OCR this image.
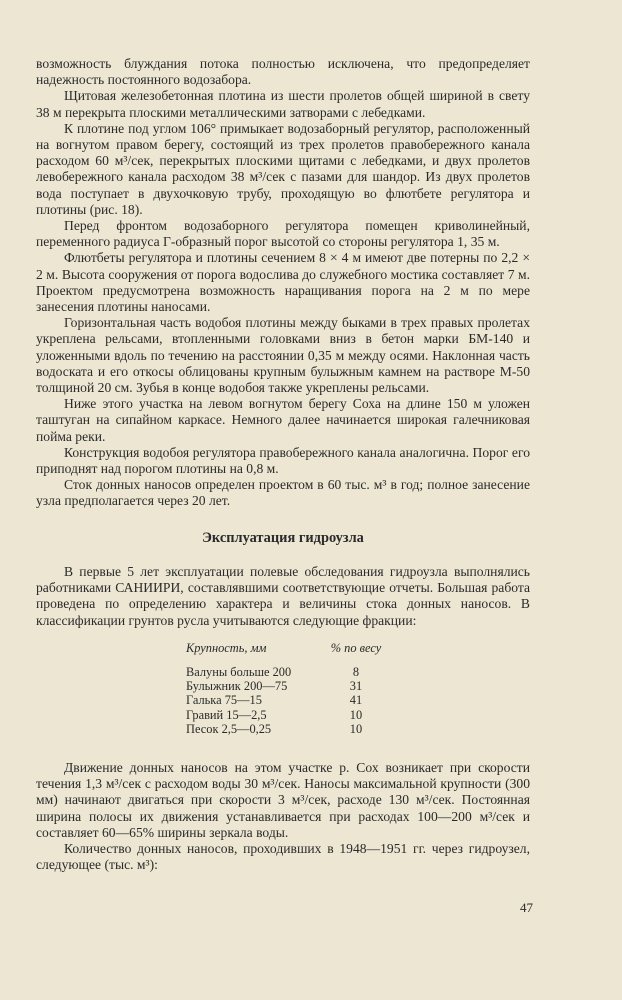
возможность блуждания потока полностью исключена, что предопределяет надежность постоянного водозабора.

Щитовая железобетонная плотина из шести пролетов общей шириной в свету 38 м перекрыта плоскими металлическими затворами с лебедками.

К плотине под углом 106° примыкает водозаборный регулятор, расположенный на вогнутом правом берегу, состоящий из трех пролетов правобережного канала расходом 60 м³/сек, перекрытых плоскими щитами с лебедками, и двух пролетов левобережного канала расходом 38 м³/сек с пазами для шандор. Из двух пролетов вода поступает в двухочковую трубу, проходящую во флютбете регулятора и плотины (рис. 18).

Перед фронтом водозаборного регулятора помещен криволинейный, переменного радиуса Г-образный порог высотой со стороны регулятора 1, 35 м.

Флютбеты регулятора и плотины сечением 8 × 4 м имеют две потерны по 2,2 × 2 м. Высота сооружения от порога водослива до служебного мостика составляет 7 м. Проектом предусмотрена возможность наращивания порога на 2 м по мере занесения плотины наносами.

Горизонтальная часть водобоя плотины между быками в трех правых пролетах укреплена рельсами, втопленными головками вниз в бетон марки БМ-140 и уложенными вдоль по течению на расстоянии 0,35 м между осями. Наклонная часть водоската и его откосы облицованы крупным булыжным камнем на растворе М-50 толщиной 20 см. Зубья в конце водобоя также укреплены рельсами.

Ниже этого участка на левом вогнутом берегу Соха на длине 150 м уложен таштуган на сипайном каркасе. Немного далее начинается широкая галечниковая пойма реки.

Конструкция водобоя регулятора правобережного канала аналогична. Порог его приподнят над порогом плотины на 0,8 м.

Сток донных наносов определен проектом в 60 тыс. м³ в год; полное занесение узла предполагается через 20 лет.

Эксплуатация гидроузла

В первые 5 лет эксплуатации полевые обследования гидроузла выполнялись работниками САНИИРИ, составлявшими соответствующие отчеты. Большая работа проведена по определению характера и величины стока донных наносов. В классификации грунтов русла учитываются следующие фракции:

Крупность, мм	% по весу
Валуны больше 200	8
Булыжник 200—75	31
Галька 75—15	41
Гравий 15—2,5	10
Песок 2,5—0,25	10

Движение донных наносов на этом участке р. Сох возникает при скорости течения 1,3 м³/сек с расходом воды 30 м³/сек. Наносы максимальной крупности (300 мм) начинают двигаться при скорости 3 м³/сек, расходе 130 м³/сек. Постоянная ширина полосы их движения устанавливается при расходах 100—200 м³/сек и составляет 60—65% ширины зеркала воды.

Количество донных наносов, проходивших в 1948—1951 гг. через гидроузел, следующее (тыс. м³):

47
